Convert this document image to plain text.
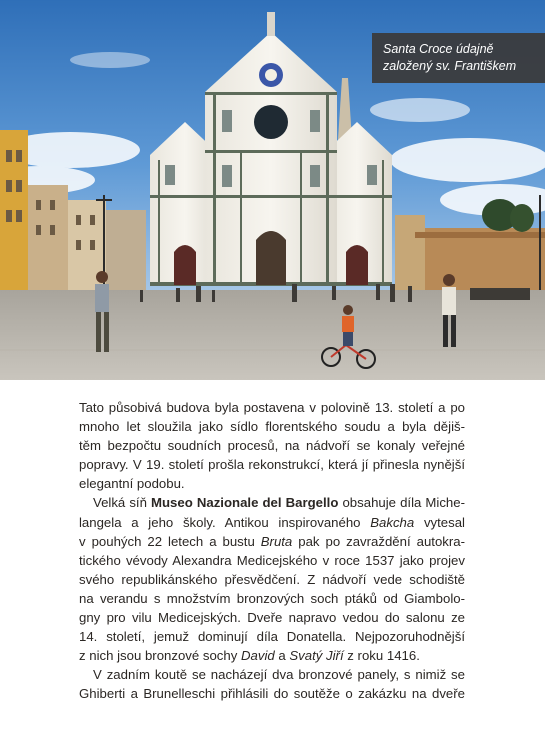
Santa Croce údajně
založený sv. Františkem

Tato působivá budova byla postavena v polovině 13. století a po
mnoho let sloužila jako sídlo florentského soudu a byla dějiš-
těm bezpočtu soudních procesů, na nádvoří se konaly veřejné
popravy. V 19. století prošla rekonstrukcí, která jí přinesla nynější
elegantní podobu.

Velká síň Museo Nazionale del Bargello obsahuje díla Miche-
langela a jeho školy. Antikou inspirovaného Bakcha vytesal
v pouhých 22 letech a bustu Bruta pak po zavraždění autokra-
tického vévody Alexandra Medicejského v roce 1537 jako projev
svého republikánského přesvědčení. Z nádvoří vede schodiště
na verandu s množstvím bronzových soch ptáků od Giambolo-
gny pro vilu Medicejských. Dveře napravo vedou do salonu ze
14. století, jemuž dominují díla Donatella. Nejpozoruhodnější
z nich jsou bronzové sochy David a Svatý Jiří z roku 1416.

V zadním koutě se nacházejí dva bronzové panely, s nimiž se
Ghiberti a Brunelleschi přihlásili do soutěže o zakázku na dveře
